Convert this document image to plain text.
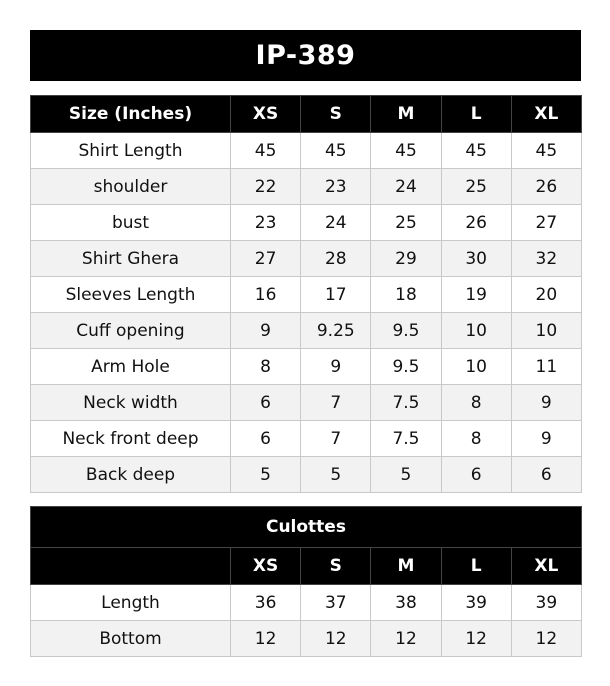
IP-389
Size (Inches)	XS	S	M	L	XL
Shirt Length	45	45	45	45	45
shoulder	22	23	24	25	26
bust	23	24	25	26	27
Shirt Ghera	27	28	29	30	32
Sleeves Length	16	17	18	19	20
Cuff opening	9	9.25	9.5	10	10
Arm Hole	8	9	9.5	10	11
Neck width	6	7	7.5	8	9
Neck front deep	6	7	7.5	8	9
Back deep	5	5	5	6	6
Culottes					
	XS	S	M	L	XL
Length	36	37	38	39	39
Bottom	12	12	12	12	12
